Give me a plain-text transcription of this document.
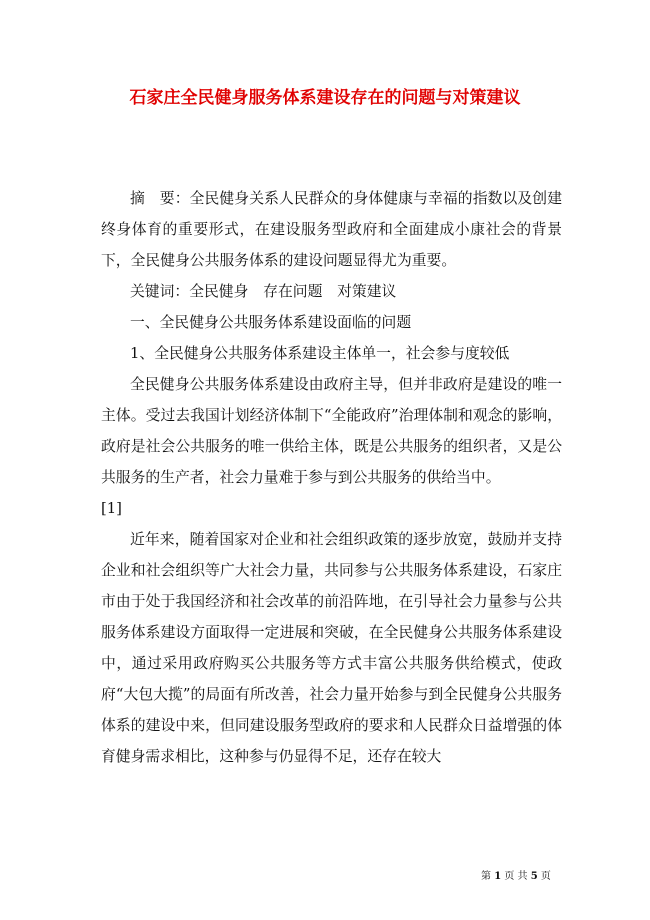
石家庄全民健身服务体系建设存在的问题与对策建议

摘　要：全民健身关系人民群众的身体健康与幸福的指数以及创建终身体育的重要形式，在建设服务型政府和全面建成小康社会的背景下，全民健身公共服务体系的建设问题显得尤为重要。

关键词：全民健身　存在问题　对策建议

一、全民健身公共服务体系建设面临的问题

1、全民健身公共服务体系建设主体单一，社会参与度较低

全民健身公共服务体系建设由政府主导，但并非政府是建设的唯一主体。受过去我国计划经济体制下“全能政府”治理体制和观念的影响，政府是社会公共服务的唯一供给主体，既是公共服务的组织者，又是公共服务的生产者，社会力量难于参与到公共服务的供给当中。

[1]

近年来，随着国家对企业和社会组织政策的逐步放宽，鼓励并支持企业和社会组织等广大社会力量，共同参与公共服务体系建设，石家庄市由于处于我国经济和社会改革的前沿阵地，在引导社会力量参与公共服务体系建设方面取得一定进展和突破，在全民健身公共服务体系建设中，通过采用政府购买公共服务等方式丰富公共服务供给模式，使政府“大包大揽”的局面有所改善，社会力量开始参与到全民健身公共服务体系的建设中来，但同建设服务型政府的要求和人民群众日益增强的体育健身需求相比，这种参与仍显得不足，还存在较大

第 1 页 共 5 页
